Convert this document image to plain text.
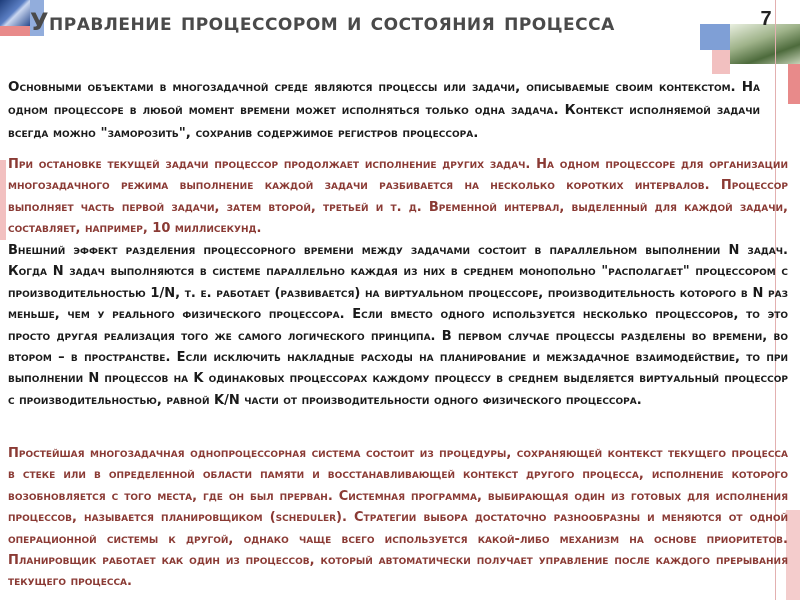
Управление процессором и состояния процесса	7

Основными объектами в многозадачной среде являются процессы или задачи, описываемые своим контекстом. На одном процессоре в любой момент времени может исполняться только одна задача. Контекст исполняемой задачи всегда можно "заморозить", сохранив содержимое регистров процессора.

При остановке текущей задачи процессор продолжает исполнение других задач. На одном процессоре для организации многозадачного режима выполнение каждой задачи разбивается на несколько коротких интервалов. Процессор выполняет часть первой задачи, затем второй, третьей и т. д. Временной интервал, выделенный для каждой задачи, составляет, например, 10 миллисекунд.

Внешний эффект разделения процессорного времени между задачами состоит в параллельном выполнении N задач. Когда N задач выполняются в системе параллельно каждая из них в среднем монопольно "располагает" процессором с производительностью 1/N, т. е. работает (развивается) на виртуальном процессоре, производительность которого в N раз меньше, чем у реального физического процессора. Если вместо одного используется несколько процессоров, то это просто другая реализация того же самого логического принципа. В первом случае процессы разделены во времени, во втором – в пространстве. Если исключить накладные расходы на планирование и межзадачное взаимодействие, то при выполнении N процессов на K одинаковых процессорах каждому процессу в среднем выделяется виртуальный процессор с производительностью, равной K/N части от производительности одного физического процессора.

Простейшая многозадачная однопроцессорная система состоит из процедуры, сохраняющей контекст текущего процесса в стеке или в определенной области памяти и восстанавливающей контекст другого процесса, исполнение которого возобновляется с того места, где он был прерван. Системная программа, выбирающая один из готовых для исполнения процессов, называется планировщиком (scheduler). Стратегии выбора достаточно разнообразны и меняются от одной операционной системы к другой, однако чаще всего используется какой-либо механизм на основе приоритетов. Планировщик работает как один из процессов, который автоматически получает управление после каждого прерывания текущего процесса.
